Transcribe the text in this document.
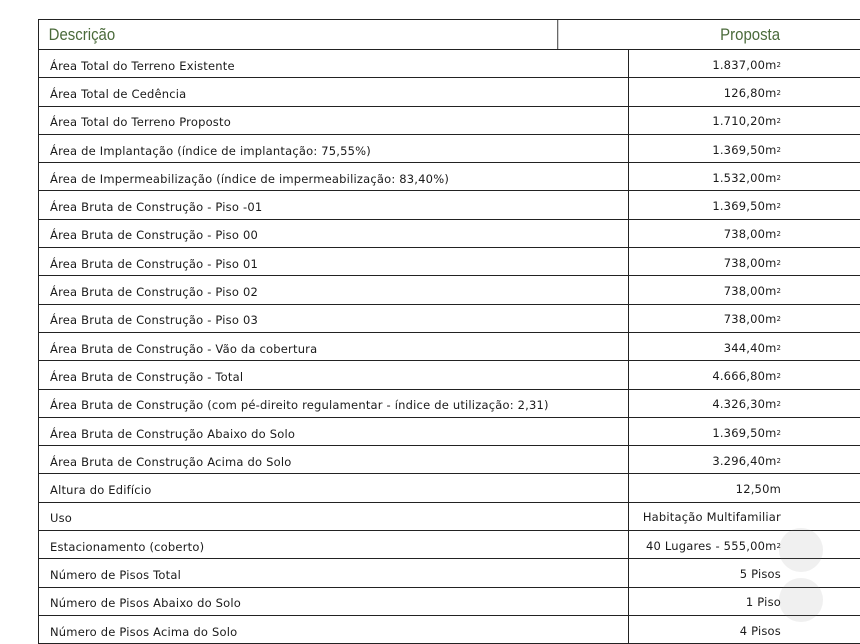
Descrição	Proposta
Área Total do Terreno Existente	1.837,00m 2
Área Total de Cedência	126,80m 2
Área Total do Terreno Proposto	1.710,20m 2
Área de Implantação (índice de implantação: 75,55%)	1.369,50m 2
Área de Impermeabilização (índice de impermeabilização: 83,40%)	1.532,00m 2
Área Bruta de Construção - Piso -01	1.369,50m 2
Área Bruta de Construção - Piso 00	738,00m 2
Área Bruta de Construção - Piso 01	738,00m 2
Área Bruta de Construção - Piso 02	738,00m 2
Área Bruta de Construção - Piso 03	738,00m 2
Área Bruta de Construção - Vão da cobertura	344,40m 2
Área Bruta de Construção - Total	4.666,80m 2
Área Bruta de Construção (com pé-direito regulamentar - índice de utilização: 2,31)	4.326,30m 2
Área Bruta de Construção Abaixo do Solo	1.369,50m 2
Área Bruta de Construção Acima do Solo	3.296,40m 2
Altura do Edifício	12,50m
Uso	Habitação Multifamiliar
Estacionamento (coberto)	40 Lugares - 555,00m 2
Número de Pisos Total	5 Pisos
Número de Pisos Abaixo do Solo	1 Piso
Número de Pisos Acima do Solo	4 Pisos
